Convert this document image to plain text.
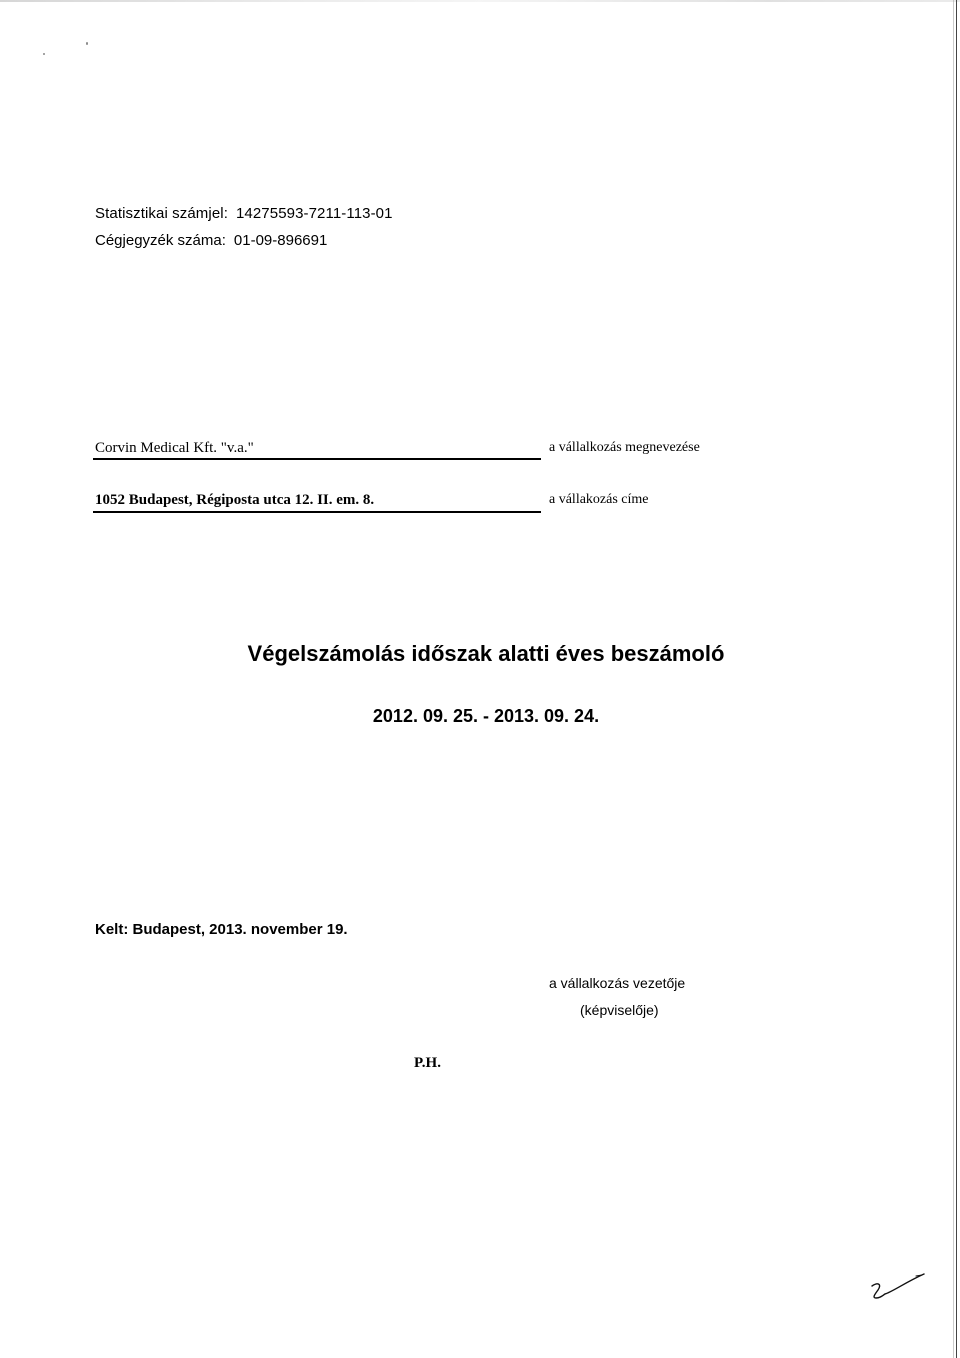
Statisztikai számjel: 14275593-7211-113-01
Cégjegyzék száma: 01-09-896691
Corvin Medical Kft. "v.a."	a vállalkozás megnevezése
1052 Budapest, Régiposta utca 12. II. em. 8.	a vállakozás címe
Végelszámolás időszak alatti éves beszámoló
2012. 09. 25. - 2013. 09. 24.
Kelt: Budapest, 2013. november 19.
a vállalkozás vezetője
(képviselője)
P.H.
